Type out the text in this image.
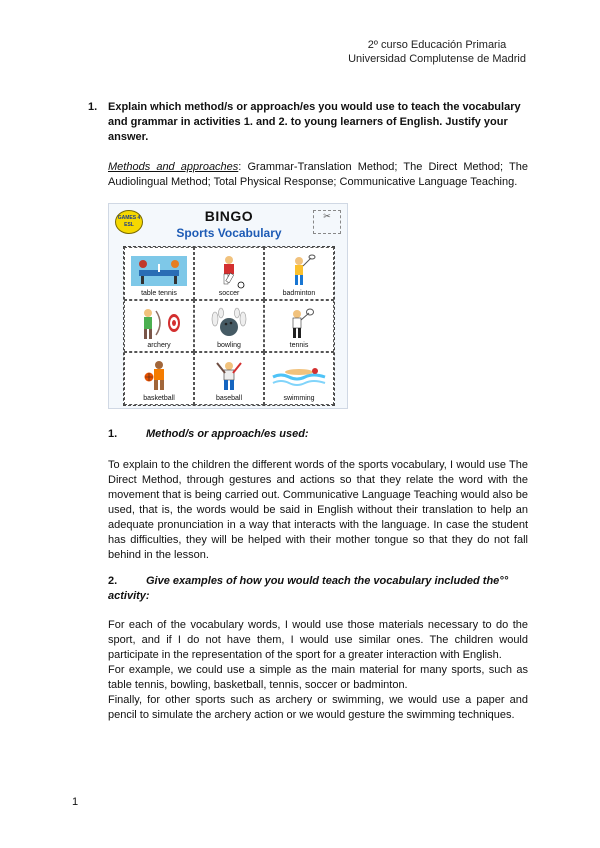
2º curso Educación Primaria
Universidad Complutense de Madrid
1. Explain which method/s or approach/es you would use to teach the vocabulary and grammar in activities 1. and 2. to young learners of English. Justify your answer.
Methods and approaches: Grammar-Translation Method; The Direct Method; The Audiolingual Method; Total Physical Response; Communicative Language Teaching.
GAMES 4 ESL
BINGO
Sports Vocabulary
✂
table tennis	soccer	badminton
archery	bowling	tennis
basketball	baseball	swimming
1.	Method/s or approach/es used:
To explain to the children the different words of the sports vocabulary, I would use The Direct Method, through gestures and actions so that they relate the word with the movement that is being carried out. Communicative Language Teaching would also be used, that is, the words would be said in English without their translation to help an adequate pronunciation in a way that interacts with the language. In case the student has difficulties, they will be helped with their mother tongue so that they do not fall behind in the lesson.
2.	Give examples of how you would teach the vocabulary included the°° activity:
For each of the vocabulary words, I would use those materials necessary to do the sport, and if I do not have them, I would use similar ones. The children would participate in the representation of the sport for a greater interaction with English.
For example, we could use a simple as the main material for many sports, such as table tennis, bowling, basketball, tennis, soccer or badminton.
Finally, for other sports such as archery or swimming, we would use a paper and pencil to simulate the archery action or we would gesture the swimming techniques.
1
